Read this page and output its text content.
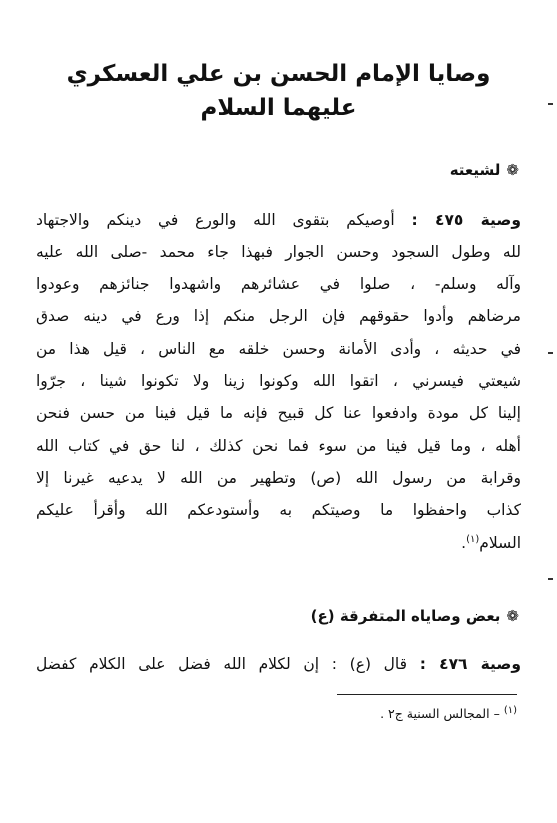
وصايا الإمام الحسن بن علي العسكري
عليهما السلام
❁
لشيعته
وصية ٤٧٥ : أوصيكم بتقوى الله والورع في دينكم والاجتهاد
لله وطول السجود وحسن الجوار فبهذا جاء محمد -صلى الله عليه
وآله وسلم- ، صلوا في عشائرهم واشهدوا جنائزهم وعودوا
مرضاهم وأدوا حقوقهم فإن الرجل منكم إذا ورع في دينه صدق
في حديثه ، وأدى الأمانة وحسن خلقه مع الناس ، قيل هذا من
شيعتي فيسرني ، اتقوا الله وكونوا زينا ولا تكونوا شينا ، جرّوا
إلينا كل مودة وادفعوا عنا كل قبيح فإنه ما قيل فينا من حسن فنحن
أهله ، وما قيل فينا من سوء فما نحن كذلك ، لنا حق في كتاب الله
وقرابة من رسول الله (ص) وتطهير من الله لا يدعيه غيرنا إلا
كذاب واحفظوا ما وصيتكم به وأستودعكم الله وأقرأ عليكم
السلام$^{(١)}$.
❁
بعض وصاياه المتفرقة (ع)
وصية ٤٧٦ : قال (ع) : إن لكلام الله فضل على الكلام كفضل
$^{(١)}$ – المجالس السنية ج٢ .
